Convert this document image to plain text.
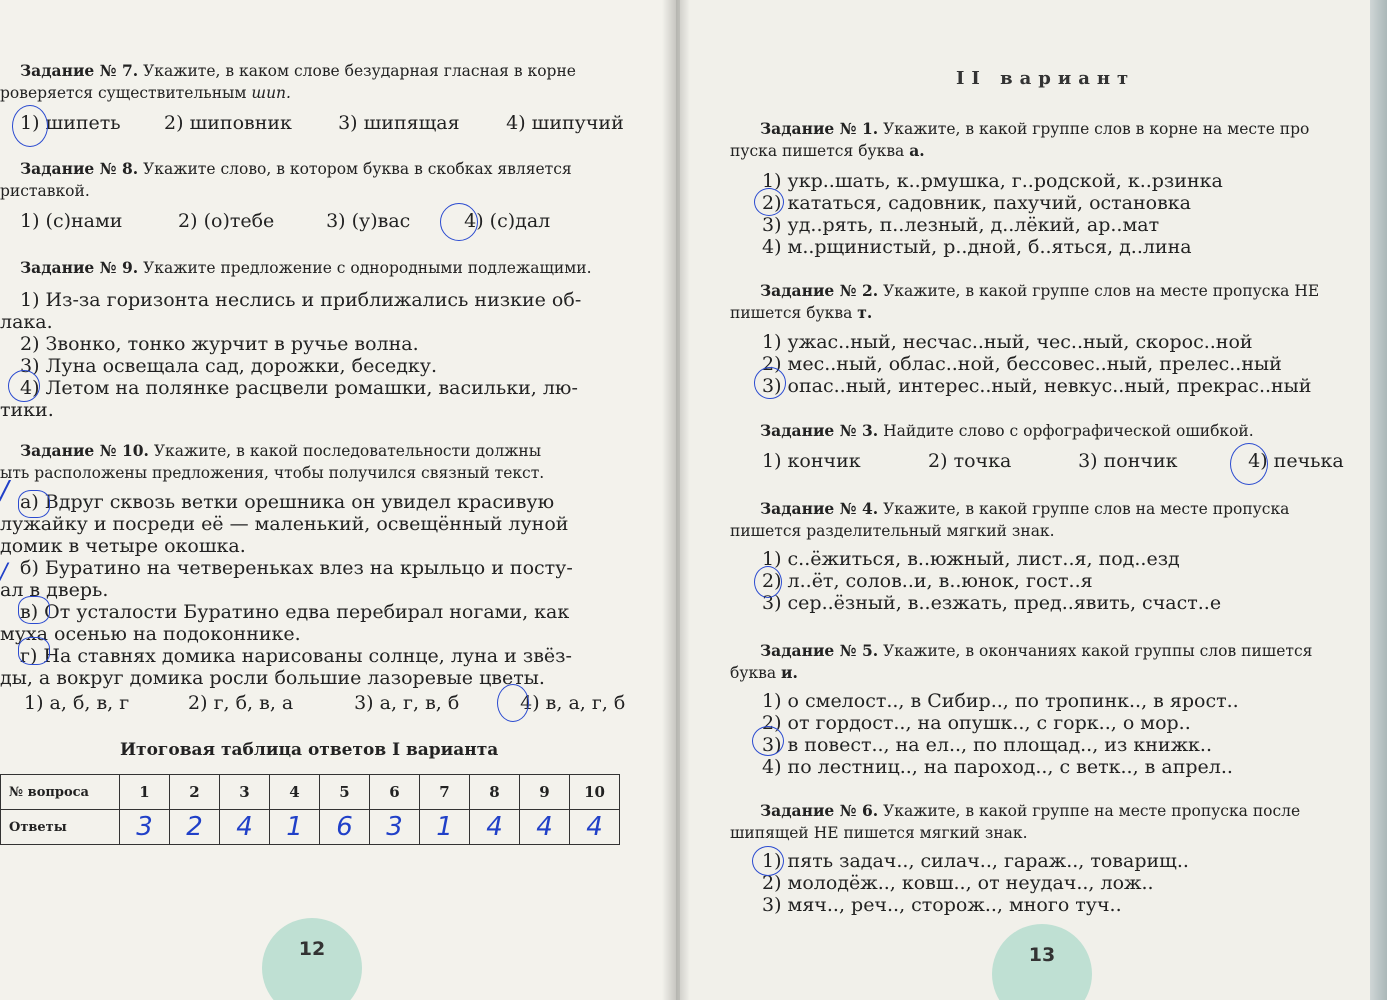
Задание № 7. Укажите, в каком слове безударная гласная в корне
роверяется существительным шип.
1) шипеть 2) шиповник 3) шипящая 4) шипучий
Задание № 8. Укажите слово, в котором буква в скобках является
риставкой.
1) (с)нами	2) (о)тебе	3) (у)вас	4) (с)дал
Задание № 9. Укажите предложение с однородными подлежащими.
1) Из-за горизонта неслись и приближались низкие об-
лака.
2) Звонко, тонко журчит в ручье волна.
3) Луна освещала сад, дорожки, беседку.
4) Летом на полянке расцвели ромашки, васильки, лю-
тики.
Задание № 10. Укажите, в какой последовательности должны
ыть расположены предложения, чтобы получился связный текст.
а) Вдруг сквозь ветки орешника он увидел красивую
лужайку и посреди её — маленький, освещённый луной
домик в четыре окошка.
б) Буратино на четвереньках влез на крыльцо и посту-
ал в дверь.
в) От усталости Буратино едва перебирал ногами, как
муха осенью на подоконнике.
г) На ставнях домика нарисованы солнце, луна и звёз-
ды, а вокруг домика росли большие лазоревые цветы.
/
/
1) а, б, в, г	2) г, б, в, а	3) а, г, в, б	4) в, а, г, б
Итоговая таблица ответов I варианта
№ вопроса	1	2	3	4	5	6	7	8	9	10
Ответы	3	2	4	1	6	3	1	4	4	4
12
II вариант
Задание № 1. Укажите, в какой группе слов в корне на месте про
пуска пишется буква а.
1) укр..шать, к..рмушка, г..родской, к..рзинка
2) кататься, садовник, пахучий, остановка
3) уд..рять, п..лезный, д..лёкий, ар..мат
4) м..рщинистый, р..дной, б..яться, д..лина
Задание № 2. Укажите, в какой группе слов на месте пропуска НЕ
пишется буква т.
1) ужас..ный, несчас..ный, чес..ный, скорос..ной
2) мес..ный, облас..ной, бессовес..ный, прелес..ный
3) опас..ный, интерес..ный, невкус..ный, прекрас..ный
Задание № 3. Найдите слово с орфографической ошибкой.
1) кончик	2) точка	3) пончик	4) печька
Задание № 4. Укажите, в какой группе слов на месте пропуска
пишется разделительный мягкий знак.
1) с..ёжиться, в..южный, лист..я, под..езд
2) л..ёт, солов..и, в..юнок, гост..я
3) сер..ёзный, в..езжать, пред..явить, счаст..е
Задание № 5. Укажите, в окончаниях какой группы слов пишется
буква и.
1) о смелост.., в Сибир.., по тропинк.., в ярост..
2) от гордост.., на опушк.., с горк.., о мор..
3) в повест.., на ел.., по площад.., из книжк..
4) по лестниц.., на пароход.., с ветк.., в апрел..
Задание № 6. Укажите, в какой группе на месте пропуска после
шипящей НЕ пишется мягкий знак.
1) пять задач.., силач.., гараж.., товарищ..
2) молодёж.., ковш.., от неудач.., лож..
3) мяч.., реч.., сторож.., много туч..
13
